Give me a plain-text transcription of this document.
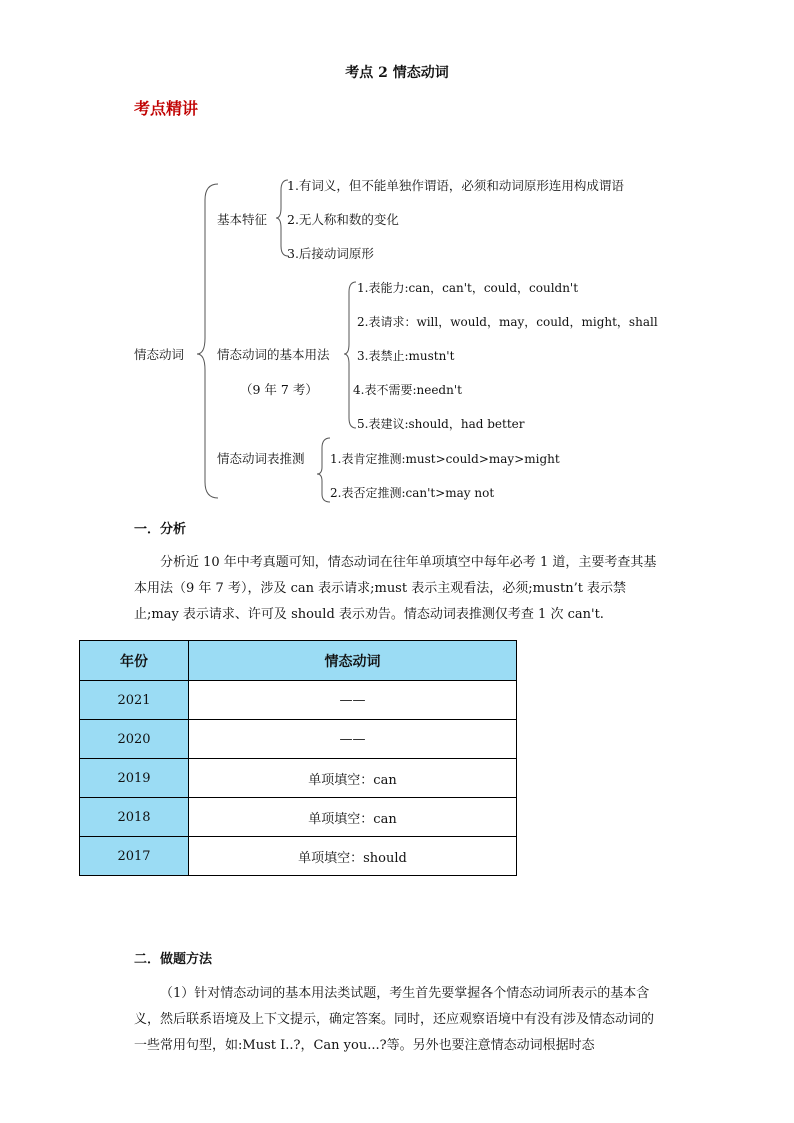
考点 2 情态动词
考点精讲
情态动词
基本特征
1.有词义，但不能单独作谓语，必须和动词原形连用构成谓语
2.无人称和数的变化
3.后接动词原形
情态动词的基本用法
（9 年 7 考）
1.表能力:can，can't，could，couldn't
2.表请求：will，would，may，could，might，shall
3.表禁止:mustn't
4.表不需要:needn't
5.表建议:should，had better
情态动词表推测 1.表肯定推测:must>could>may>might
2.表否定推测:can't>may not
一．分析
分析近 10 年中考真题可知，情态动词在往年单项填空中每年必考 1 道，主要考查其基本用法（9 年 7 考），涉及 can 表示请求;must 表示主观看法，必须;mustn’t 表示禁止;may 表示请求、许可及 should 表示劝告。情态动词表推测仅考查 1 次 can't.
年份	情态动词
2021	——
2020	——
2019	单项填空：can
2018	单项填空：can
2017	单项填空：should
二．做题方法
（1）针对情态动词的基本用法类试题，考生首先要掌握各个情态动词所表示的基本含义，然后联系语境及上下文提示，确定答案。同时，还应观察语境中有没有涉及情态动词的一些常用句型，如:Must I..?，Can you...?等。另外也要注意情态动词根据时态
